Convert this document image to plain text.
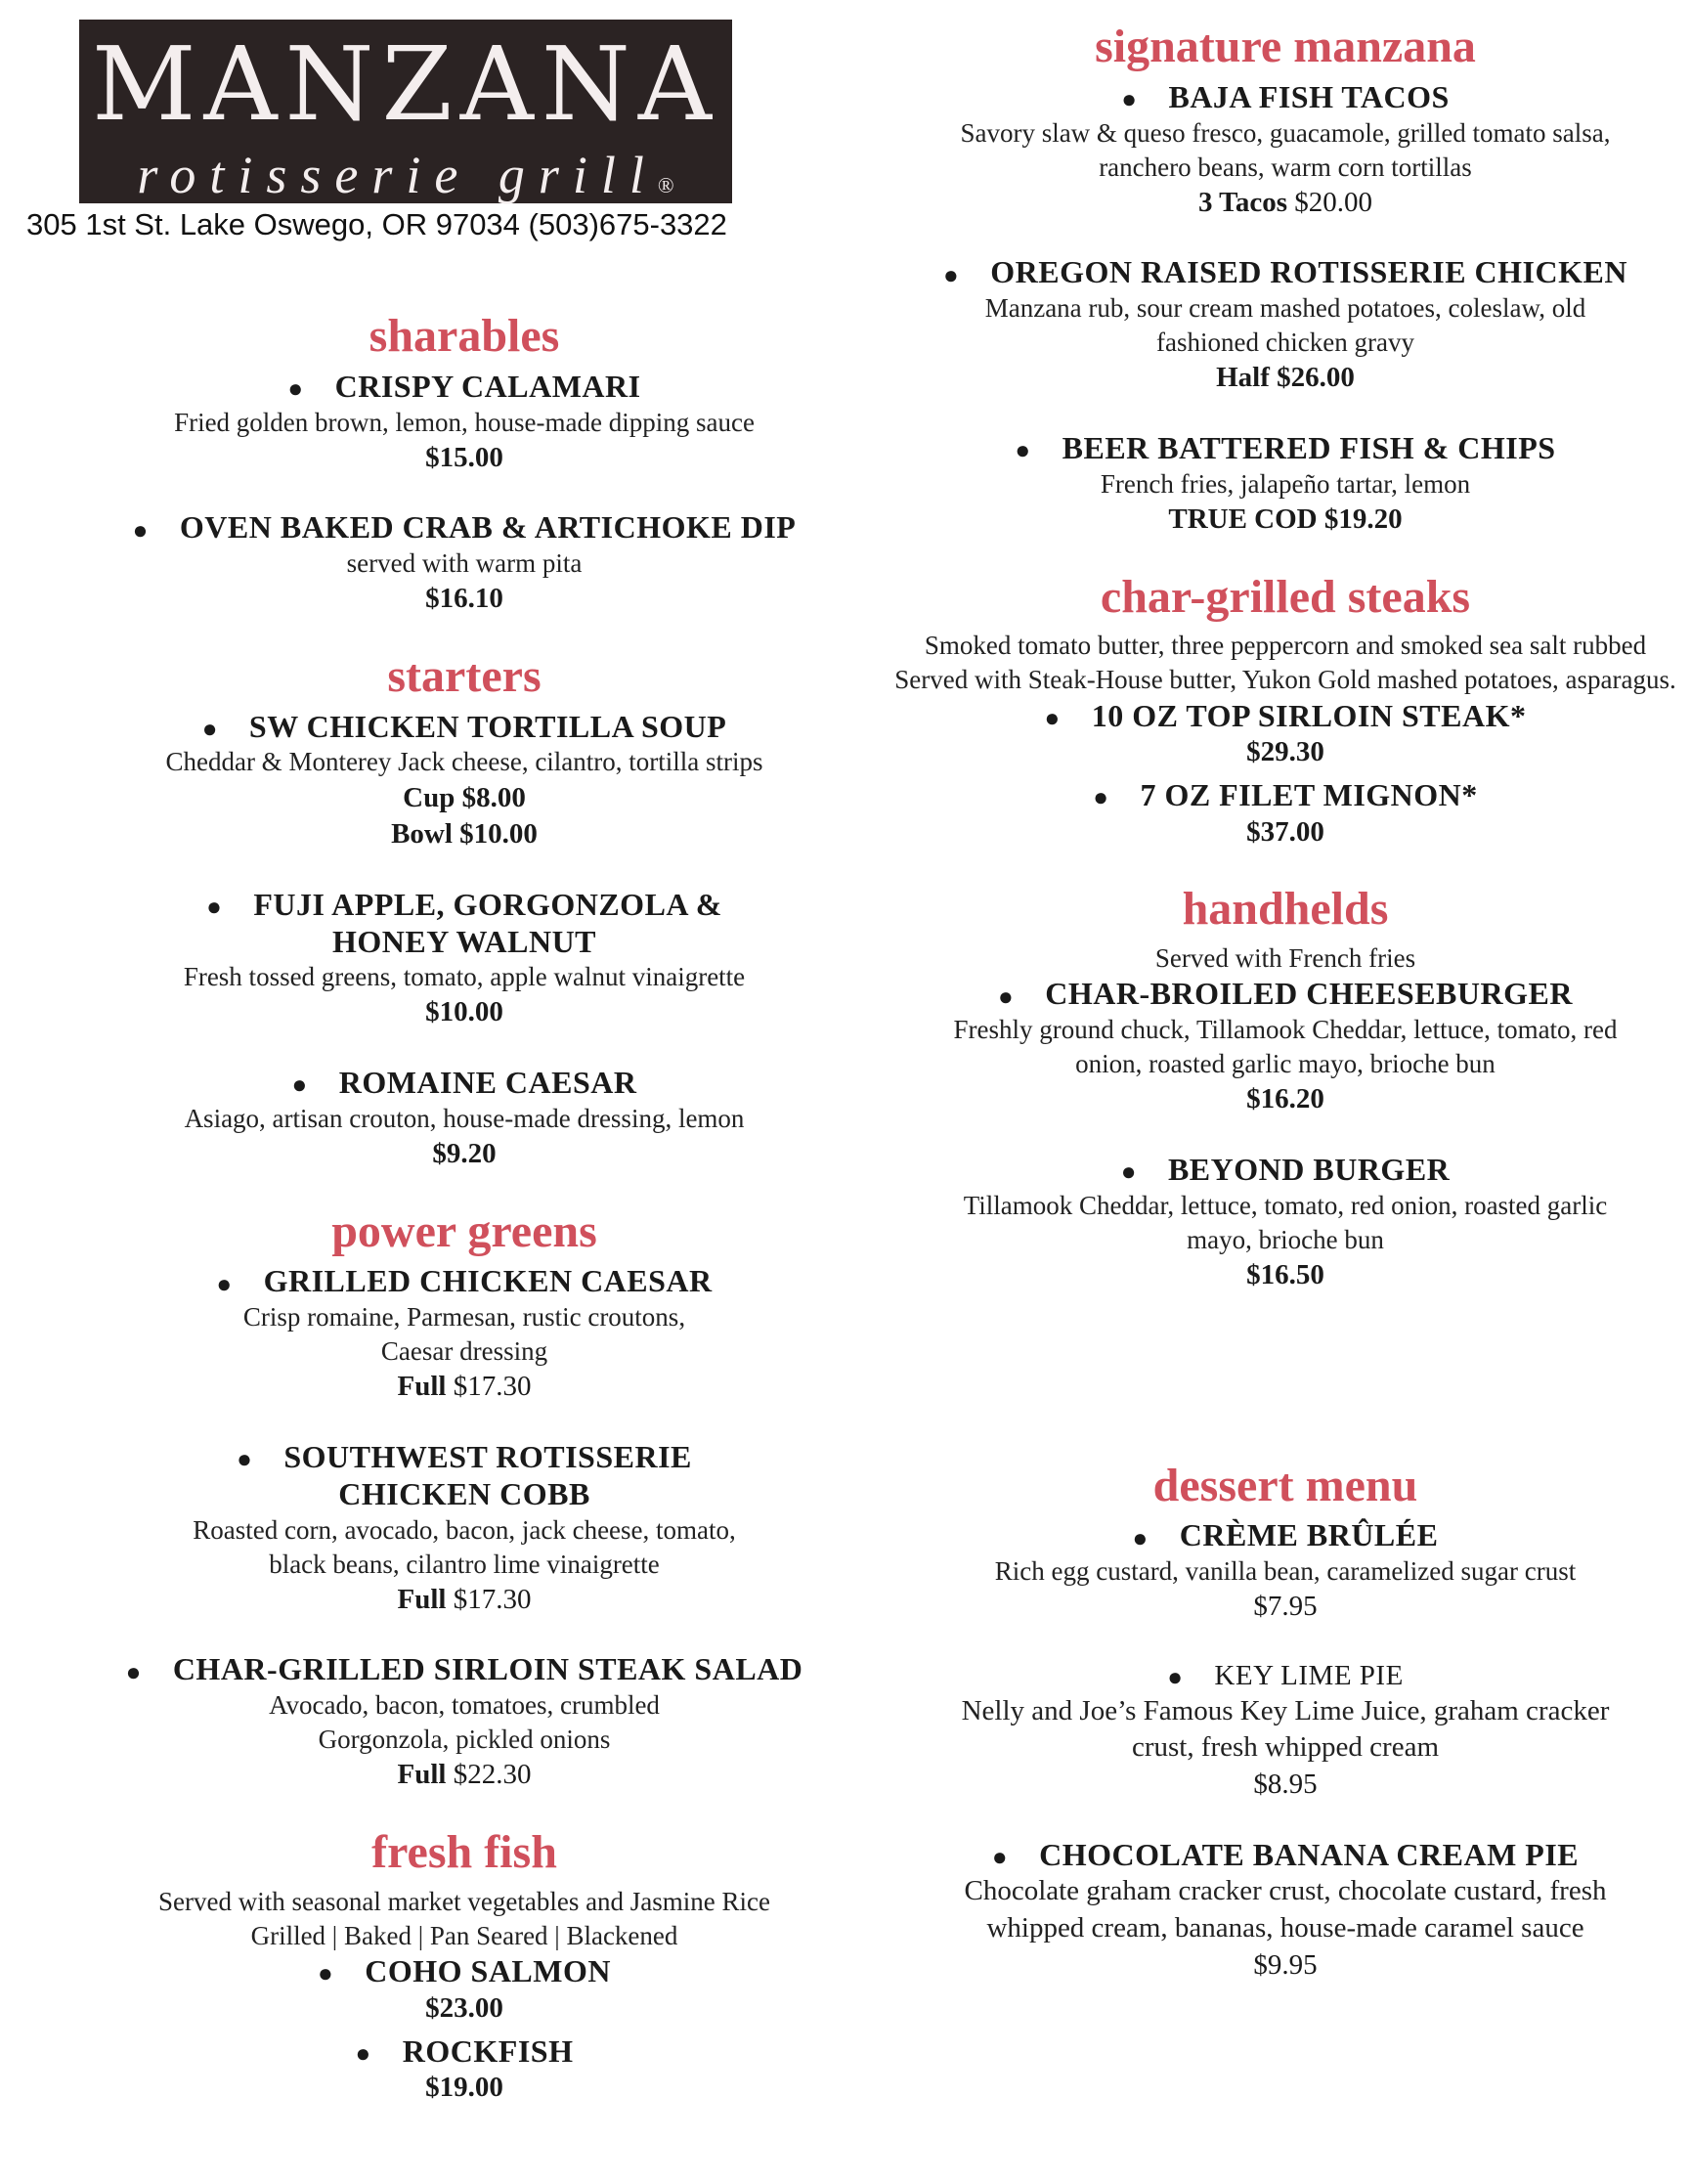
MANZANA
rotisserie grill®
305 1st St. Lake Oswego, OR 97034 (503)675-3322
sharables
● CRISPY CALAMARI
Fried golden brown, lemon, house-made dipping sauce
$15.00
● OVEN BAKED CRAB & ARTICHOKE DIP
served with warm pita
$16.10
starters
● SW CHICKEN TORTILLA SOUP
Cheddar & Monterey Jack cheese, cilantro, tortilla strips
Cup $8.00
Bowl $10.00
● FUJI APPLE, GORGONZOLA & HONEY WALNUT
Fresh tossed greens, tomato, apple walnut vinaigrette
$10.00
● ROMAINE CAESAR
Asiago, artisan crouton, house-made dressing, lemon
$9.20
power greens
● GRILLED CHICKEN CAESAR
Crisp romaine, Parmesan, rustic croutons, Caesar dressing
Full $17.30
● SOUTHWEST ROTISSERIE CHICKEN COBB
Roasted corn, avocado, bacon, jack cheese, tomato, black beans, cilantro lime vinaigrette
Full $17.30
● CHAR-GRILLED SIRLOIN STEAK SALAD
Avocado, bacon, tomatoes, crumbled Gorgonzola, pickled onions
Full $22.30
fresh fish
Served with seasonal market vegetables and Jasmine Rice
Grilled | Baked | Pan Seared | Blackened
● COHO SALMON
$23.00
● ROCKFISH
$19.00
signature manzana
● BAJA FISH TACOS
Savory slaw & queso fresco, guacamole, grilled tomato salsa, ranchero beans, warm corn tortillas
3 Tacos $20.00
● OREGON RAISED ROTISSERIE CHICKEN
Manzana rub, sour cream mashed potatoes, coleslaw, old fashioned chicken gravy
Half $26.00
● BEER BATTERED FISH & CHIPS
French fries, jalapeño tartar, lemon
TRUE COD $19.20
char-grilled steaks
Smoked tomato butter, three peppercorn and smoked sea salt rubbed
Served with Steak-House butter, Yukon Gold mashed potatoes, asparagus.
● 10 OZ TOP SIRLOIN STEAK*
$29.30
● 7 OZ FILET MIGNON*
$37.00
handhelds
Served with French fries
● CHAR-BROILED CHEESEBURGER
Freshly ground chuck, Tillamook Cheddar, lettuce, tomato, red onion, roasted garlic mayo, brioche bun
$16.20
● BEYOND BURGER
Tillamook Cheddar, lettuce, tomato, red onion, roasted garlic mayo, brioche bun
$16.50
dessert menu
● CRÈME BRÛLÉE
Rich egg custard, vanilla bean, caramelized sugar crust
$7.95
● KEY LIME PIE
Nelly and Joe’s Famous Key Lime Juice, graham cracker crust, fresh whipped cream
$8.95
● CHOCOLATE BANANA CREAM PIE
Chocolate graham cracker crust, chocolate custard, fresh whipped cream, bananas, house-made caramel sauce
$9.95
